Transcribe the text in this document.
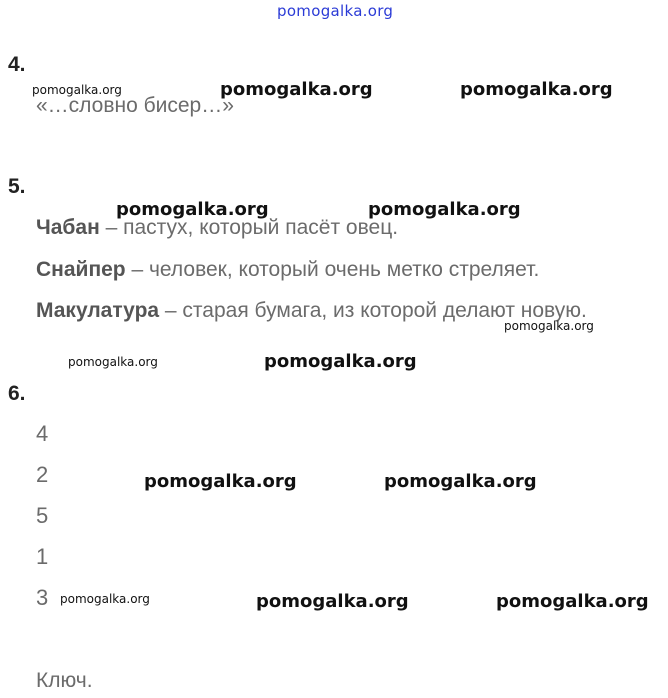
pomogalka.org
4.
«…словно бисер…»
5.
Чабан – пастух, который пасёт овец.
Снайпер – человек, который очень метко стреляет.
Макулатура – старая бумага, из которой делают новую.
6.
4
2
5
1
3
Ключ.
pomogalka.org	pomogalka.org	pomogalka.org
pomogalka.org	pomogalka.org
pomogalka.org
pomogalka.org	pomogalka.org
pomogalka.org	pomogalka.org
pomogalka.org	pomogalka.org	pomogalka.org
